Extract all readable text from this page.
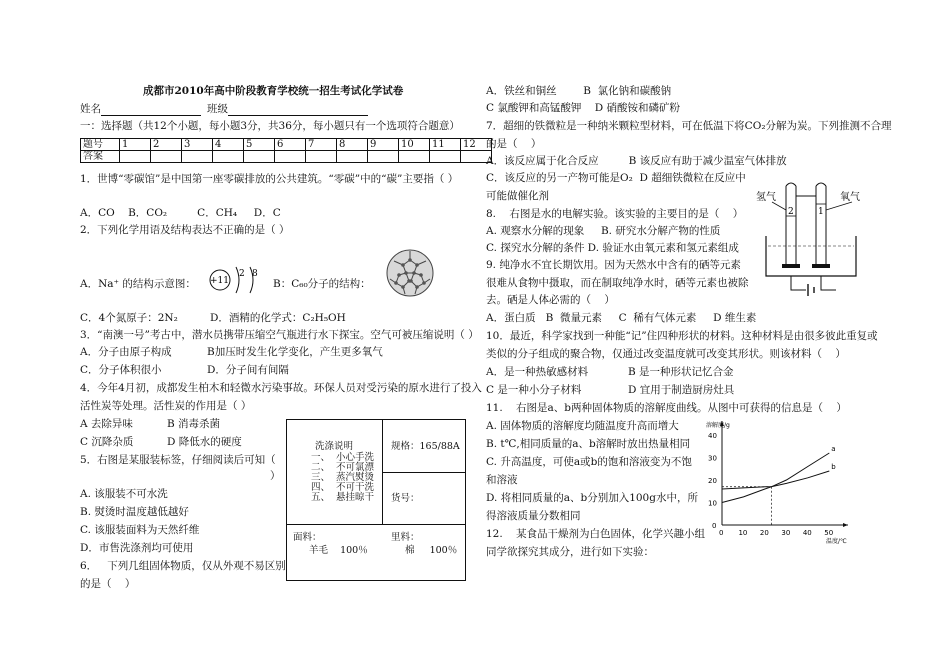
成都市2010年高中阶段教育学校统一招生考试化学试卷
姓名	班级
一：选择题（共12个小题，每小题3分，共36分，每小题只有一个选项符合题意）
题号	1	2	3	4	5	6	7	8	9	10	11	12
答案												
1．世博“零碳馆”是中国第一座零碳排放的公共建筑。“零碳”中的“碳”主要指（ ）
A．CO    B．CO₂         C．CH₄     D．C
2．下列化学用语及结构表达不正确的是（ ）
A．Na⁺ 的结构示意图： +11
2 8
B：C₆₀分子的结构：
C．4个氮原子：2N₂	D．酒精的化学式：C₂H₅OH
3．“南澳一号”考古中，潜水员携带压缩空气瓶进行水下探宝。空气可被压缩说明（ ）
A．分子由原子构成	B加压时发生化学变化，产生更多氧气
C．分子体积很小	D．分子间有间隔
4．今年4月初，成都发生柏木和轻微水污染事故。环保人员对受污染的原水进行了投入
活性炭等处理。活性炭的作用是（ ）
A 去除异味	B 消毒杀菌
C 沉降杂质	D 降低水的硬度
5．右图是某服装标签，仔细阅读后可知（
）
A. 该服装不可水洗
B. 熨烫时温度越低越好
C. 该服装面料为天然纤维
D．市售洗涤剂均可使用
6．   下列几组固体物质，仅从外观不易区别
的是（    ）
洗涤说明
一、  小心手洗
二、  不可氯漂
三、  蒸汽熨烫
四、  不可干洗
五、  悬挂晾干
规格：165/88A
货号：
面料：
羊毛    100％
里料：
棉     100％
A．铁丝和铜丝        B  氯化钠和碳酸钠
C 氯酸钾和高锰酸钾    D 硝酸铵和磷矿粉
7．超细的铁微粒是一种纳米颗粒型材料，可在低温下将CO₂分解为炭。下列推测不合理
的是（    ）
A．该反应属于化合反应         B 该反应有助于减少温室气体排放
C．该反应的另一产物可能是O₂  D 超细铁微粒在反应中
可能做催化剂
8.    右图是水的电解实验。该实验的主要目的是（    ）
A. 观察水分解的现象     B. 研究水分解产物的性质
C. 探究水分解的条件 D. 验证水由氧元素和氢元素组成
9. 纯净水不宜长期饮用。因为天然水中含有的硒等元素
很难从食物中摄取，而在制取纯净水时，硒等元素也被除
去。硒是人体必需的（    ）
A．蛋白质   B  微量元素     C  稀有气体元素     D 维生素
10．最近，科学家找到一种能“记”住四种形状的材料。这种材料是由很多彼此重复或
类似的分子组成的聚合物，仅通过改变温度就可改变其形状。则该材料（    ）
A．是一种热敏感材料	B 是一种形状记忆合金
C 是一种小分子材料	D 宜用于制造厨房灶具
11.    右图是a、b两种固体物质的溶解度曲线。从图中可获得的信息是（    ）
A. 固体物质的溶解度均随温度升高而增大
B. t℃,相同质量的a、b溶解时放出热量相同
C. 升高温度，可使a或b的饱和溶液变为不饱
和溶液
D. 将相同质量的a、b分别加入100g水中，所
得溶液质量分数相同
12.    某食品干燥剂为白色固体，化学兴趣小组
同学欲探究其成分，进行如下实验：
氢气	氧气
2	1
0 10 20 30 40 50
0
10
20
30
40
溶解度/g
温度/℃
a
b
